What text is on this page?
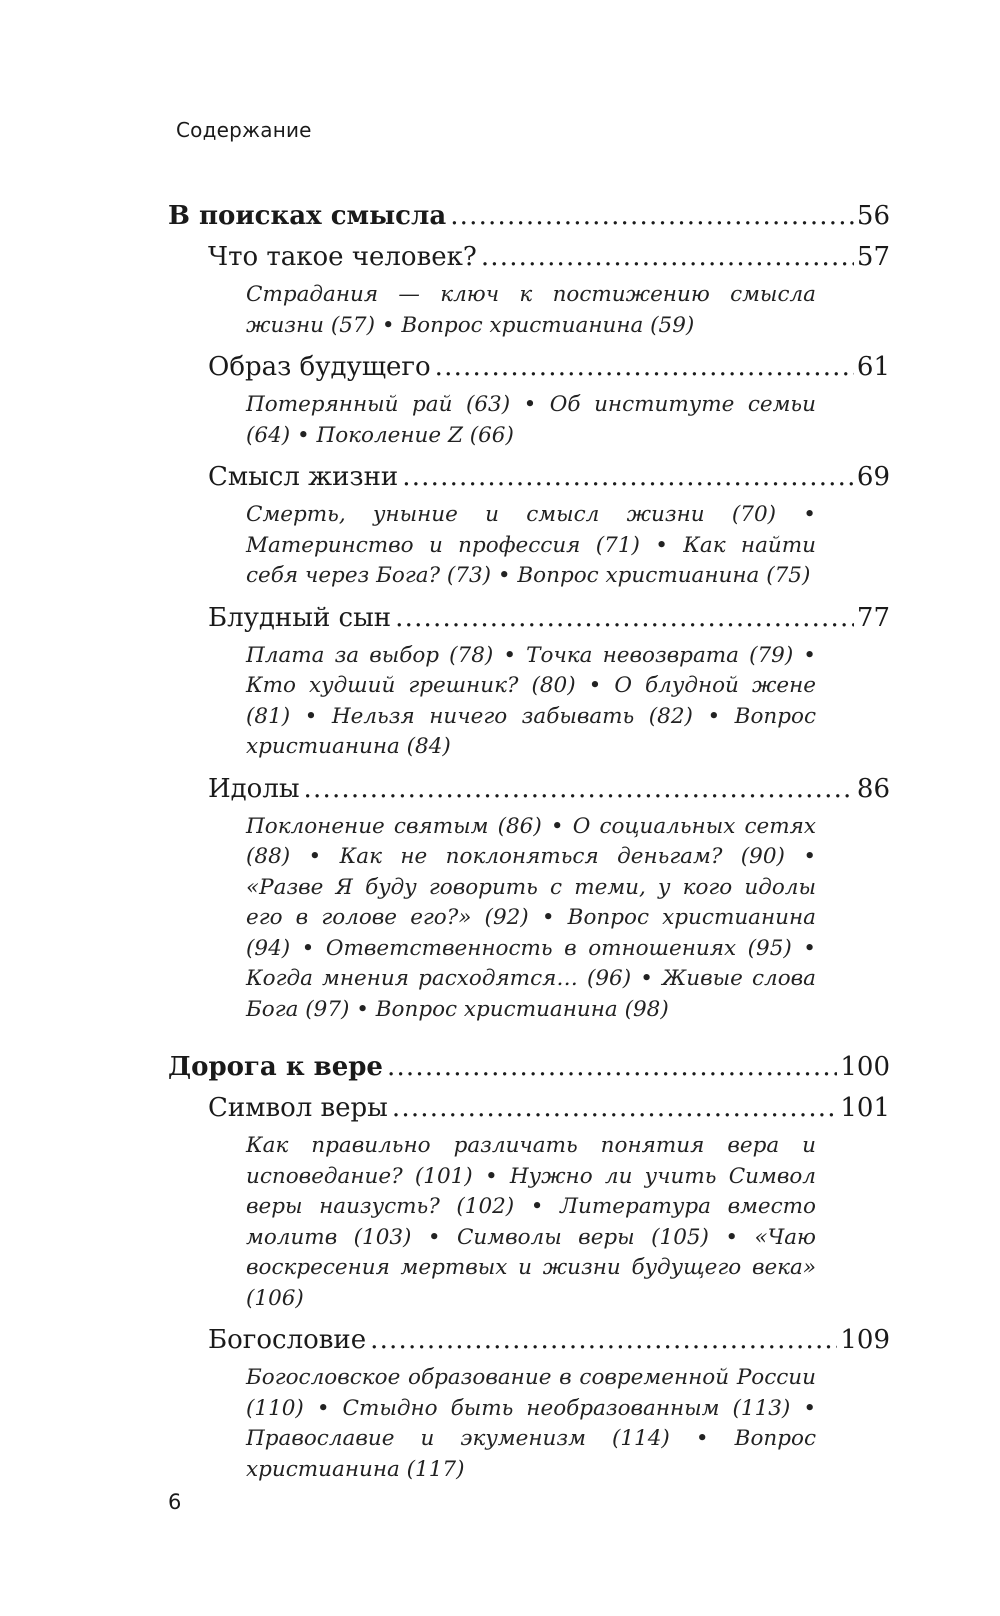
Содержание
В поисках смысла .....	56
Что такое человек? .....	57
Страдания — ключ к постижению смысла жизни (57) • Вопрос христианина (59)
Образ будущего .....	61
Потерянный рай (63) • Об институте семьи (64) • Поколение Z (66)
Смысл жизни .....	69
Смерть, уныние и смысл жизни (70) • Материнство и профессия (71) • Как найти себя через Бога? (73) • Вопрос христианина (75)
Блудный сын .....	77
Плата за выбор (78) • Точка невозврата (79) • Кто худший грешник? (80) • О блудной жене (81) • Нельзя ничего забывать (82) • Вопрос христианина (84)
Идолы .....	86
Поклонение святым (86) • О социальных сетях (88) • Как не поклоняться деньгам? (90) • «Разве Я буду говорить с теми, у кого идолы его в голове его?» (92) • Вопрос христианина (94) • Ответственность в отношениях (95) • Когда мнения расходятся… (96) • Живые слова Бога (97) • Вопрос христианина (98)
Дорога к вере .....	100
Символ веры .....	101
Как правильно различать понятия вера и исповедание? (101) • Нужно ли учить Символ веры наизусть? (102) • Литература вместо молитв (103) • Символы веры (105) • «Чаю воскресения мертвых и жизни будущего века» (106)
Богословие .....	109
Богословское образование в современной России (110) • Стыдно быть необразованным (113) • Православие и экуменизм (114) • Вопрос христианина (117)
6
